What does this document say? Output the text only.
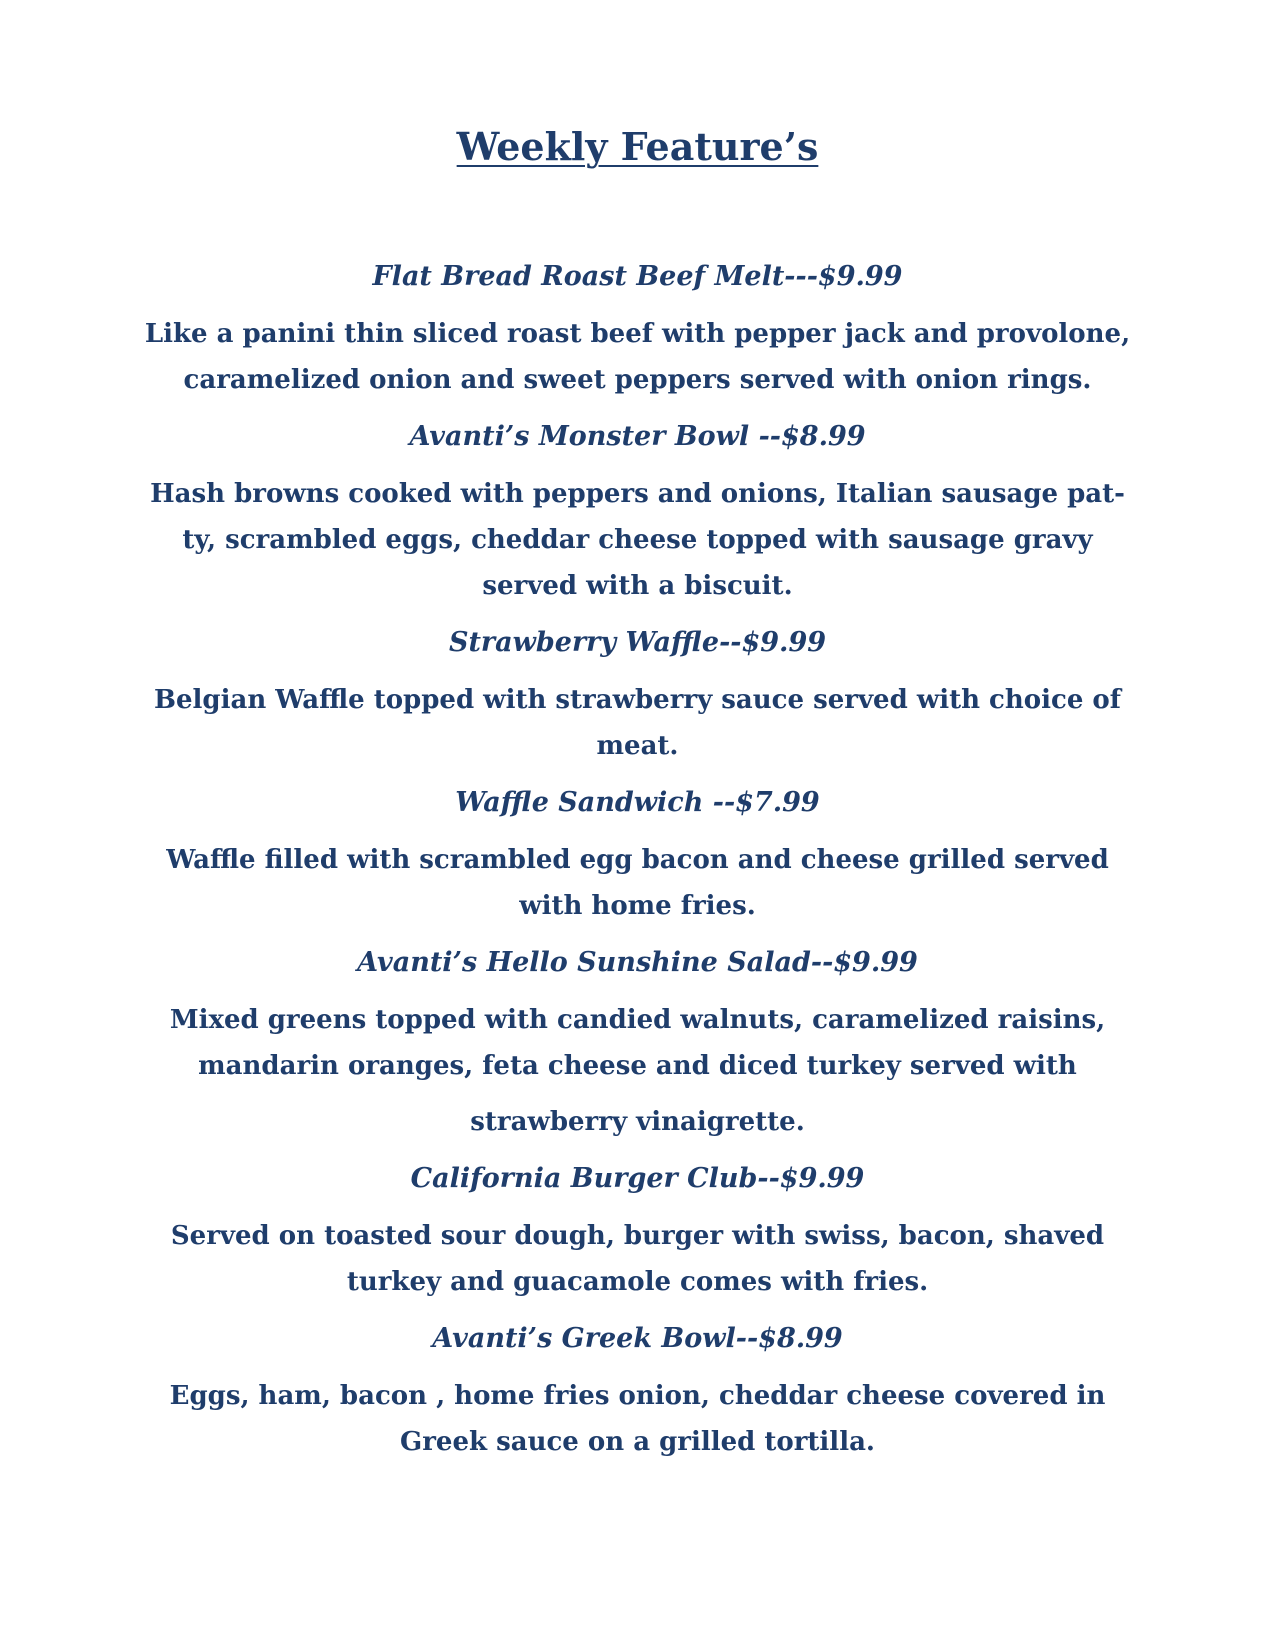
Weekly Feature’s

Flat Bread Roast Beef Melt---$9.99

Like a panini thin sliced roast beef with pepper jack and provolone,
caramelized onion and sweet peppers served with onion rings.

Avanti’s Monster Bowl --$8.99

Hash browns cooked with peppers and onions, Italian sausage pat-
ty, scrambled eggs, cheddar cheese topped with sausage gravy
served with a biscuit.

Strawberry Waffle--$9.99

Belgian Waffle topped with strawberry sauce served with choice of
meat.

Waffle Sandwich --$7.99

Waffle filled with scrambled egg bacon and cheese grilled served
with home fries.

Avanti’s Hello Sunshine Salad--$9.99

Mixed greens topped with candied walnuts, caramelized raisins,
mandarin oranges, feta cheese and diced turkey served with
strawberry vinaigrette.

California Burger Club--$9.99

Served on toasted sour dough, burger with swiss, bacon, shaved
turkey and guacamole comes with fries.

Avanti’s Greek Bowl--$8.99

Eggs, ham, bacon , home fries onion, cheddar cheese covered in
Greek sauce on a grilled tortilla.
